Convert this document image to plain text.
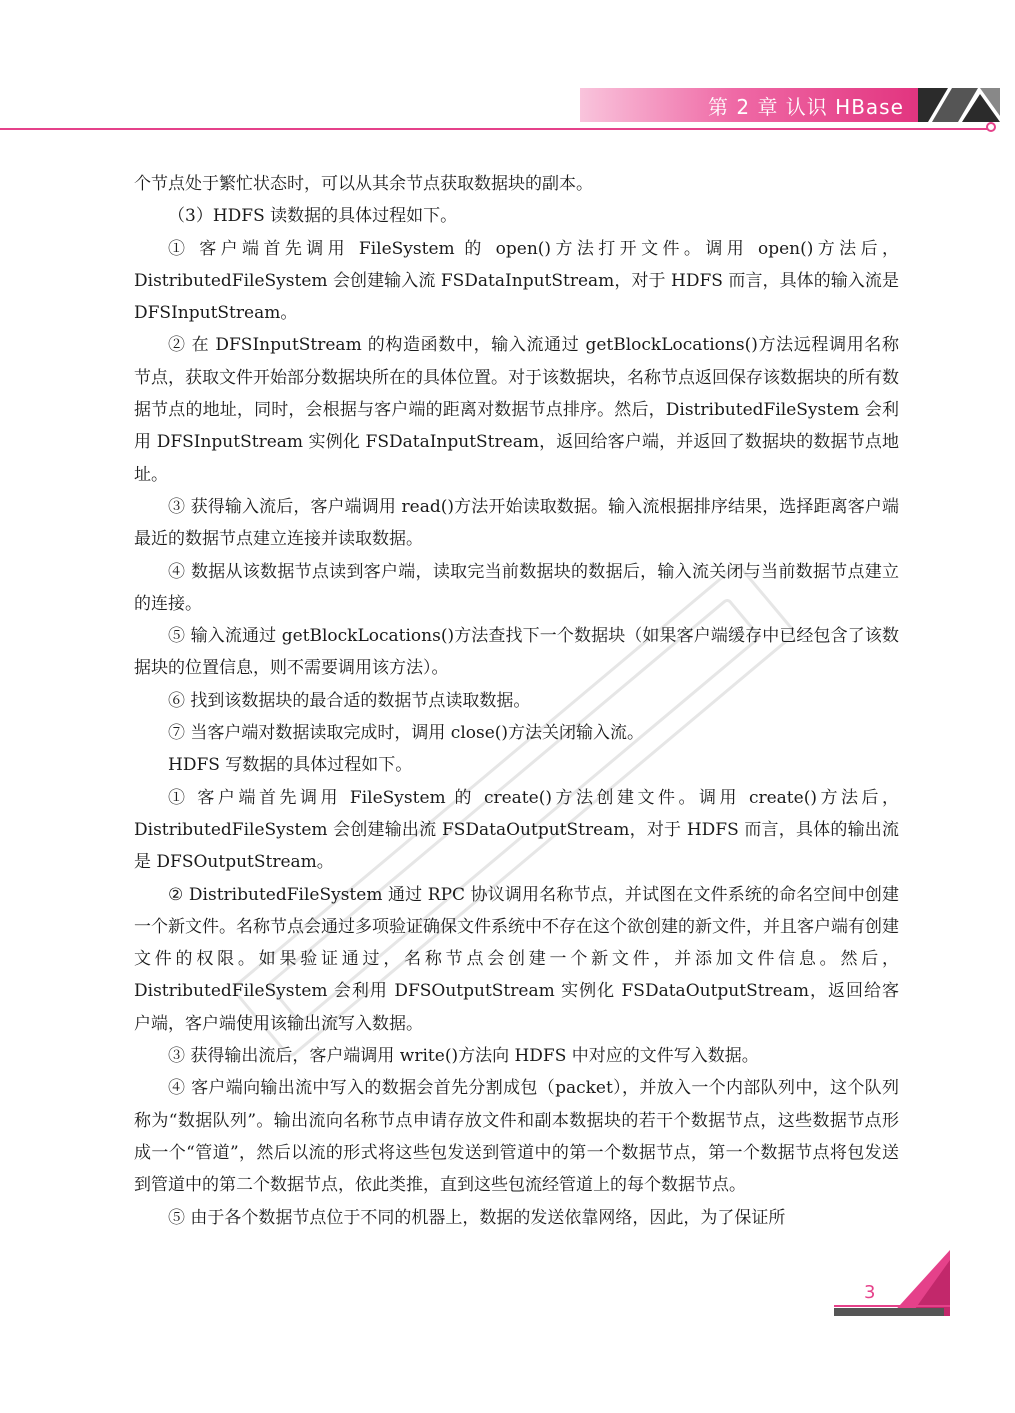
第 2 章 认识 HBase

个节点处于繁忙状态时，可以从其余节点获取数据块的副本。

（3）HDFS 读数据的具体过程如下。

① 客户端首先调用 FileSystem 的 open()方法打开文件。调用 open()方法后，DistributedFileSystem 会创建输入流 FSDataInputStream，对于 HDFS 而言，具体的输入流是 DFSInputStream。

② 在 DFSInputStream 的构造函数中，输入流通过 getBlockLocations()方法远程调用名称节点，获取文件开始部分数据块所在的具体位置。对于该数据块，名称节点返回保存该数据块的所有数据节点的地址，同时，会根据与客户端的距离对数据节点排序。然后，DistributedFileSystem 会利用 DFSInputStream 实例化 FSDataInputStream，返回给客户端，并返回了数据块的数据节点地址。

③ 获得输入流后，客户端调用 read()方法开始读取数据。输入流根据排序结果，选择距离客户端最近的数据节点建立连接并读取数据。

④ 数据从该数据节点读到客户端，读取完当前数据块的数据后，输入流关闭与当前数据节点建立的连接。

⑤ 输入流通过 getBlockLocations()方法查找下一个数据块（如果客户端缓存中已经包含了该数据块的位置信息，则不需要调用该方法）。

⑥ 找到该数据块的最合适的数据节点读取数据。

⑦ 当客户端对数据读取完成时，调用 close()方法关闭输入流。

HDFS 写数据的具体过程如下。

① 客户端首先调用 FileSystem 的 create()方法创建文件。调用 create()方法后，DistributedFileSystem 会创建输出流 FSDataOutputStream，对于 HDFS 而言，具体的输出流是 DFSOutputStream。

② DistributedFileSystem 通过 RPC 协议调用名称节点，并试图在文件系统的命名空间中创建一个新文件。名称节点会通过多项验证确保文件系统中不存在这个欲创建的新文件，并且客户端有创建文件的权限。如果验证通过，名称节点会创建一个新文件，并添加文件信息。然后，DistributedFileSystem 会利用 DFSOutputStream 实例化 FSDataOutputStream，返回给客户端，客户端使用该输出流写入数据。

③ 获得输出流后，客户端调用 write()方法向 HDFS 中对应的文件写入数据。

④ 客户端向输出流中写入的数据会首先分割成包（packet），并放入一个内部队列中，这个队列称为“数据队列”。输出流向名称节点申请存放文件和副本数据块的若干个数据节点，这些数据节点形成一个“管道”，然后以流的形式将这些包发送到管道中的第一个数据节点，第一个数据节点将包发送到管道中的第二个数据节点，依此类推，直到这些包流经管道上的每个数据节点。

⑤ 由于各个数据节点位于不同的机器上，数据的发送依靠网络，因此，为了保证所

3
